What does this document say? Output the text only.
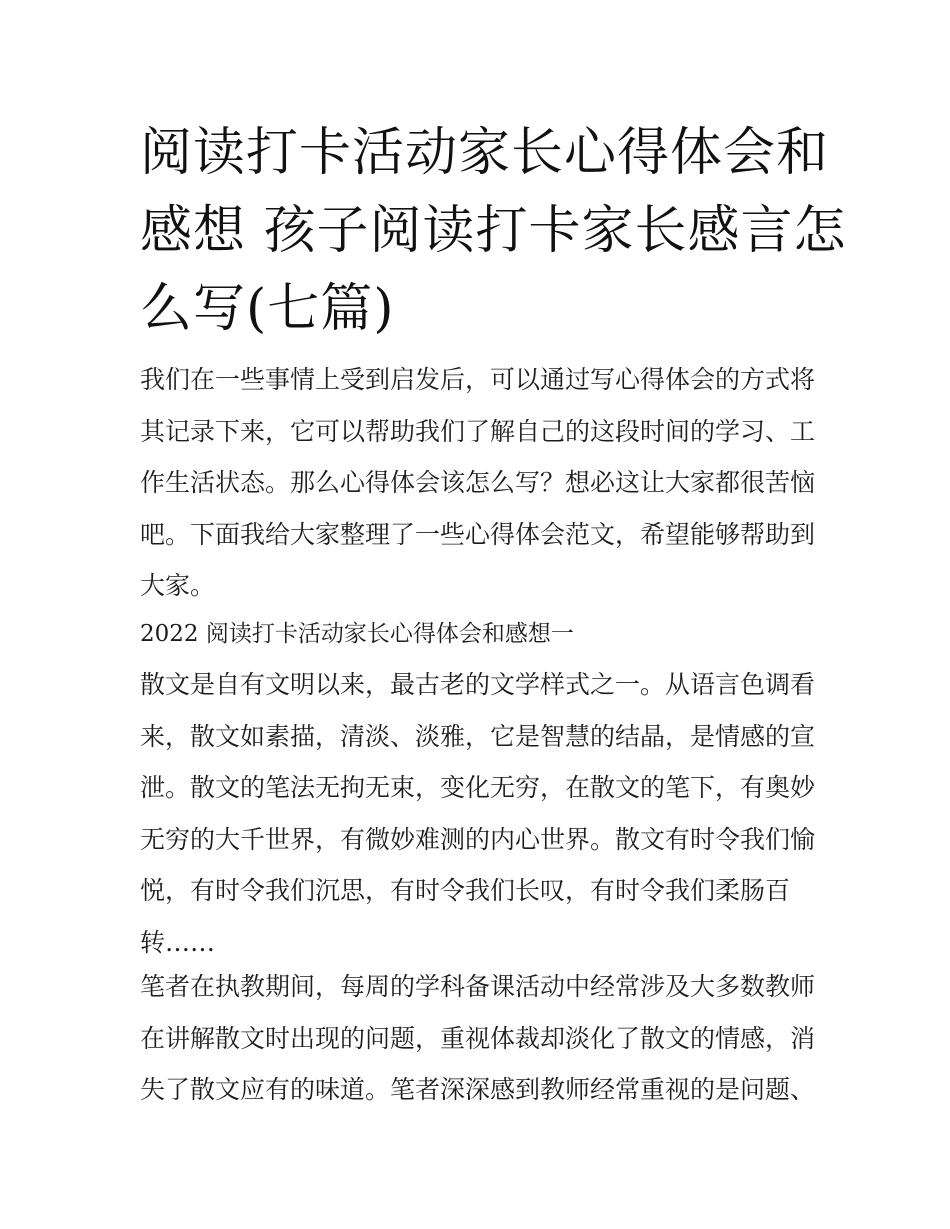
阅读打卡活动家长心得体会和
感想 孩子阅读打卡家长感言怎
么写(七篇)
我们在一些事情上受到启发后，可以通过写心得体会的方式将
其记录下来，它可以帮助我们了解自己的这段时间的学习、工
作生活状态。那么心得体会该怎么写？想必这让大家都很苦恼
吧。下面我给大家整理了一些心得体会范文，希望能够帮助到
大家。
2022 阅读打卡活动家长心得体会和感想一
散文是自有文明以来，最古老的文学样式之一。从语言色调看
来，散文如素描，清淡、淡雅，它是智慧的结晶，是情感的宣
泄。散文的笔法无拘无束，变化无穷，在散文的笔下，有奥妙
无穷的大千世界，有微妙难测的内心世界。散文有时令我们愉
悦，有时令我们沉思，有时令我们长叹，有时令我们柔肠百
转……
笔者在执教期间，每周的学科备课活动中经常涉及大多数教师
在讲解散文时出现的问题，重视体裁却淡化了散文的情感，消
失了散文应有的味道。笔者深深感到教师经常重视的是问题、
